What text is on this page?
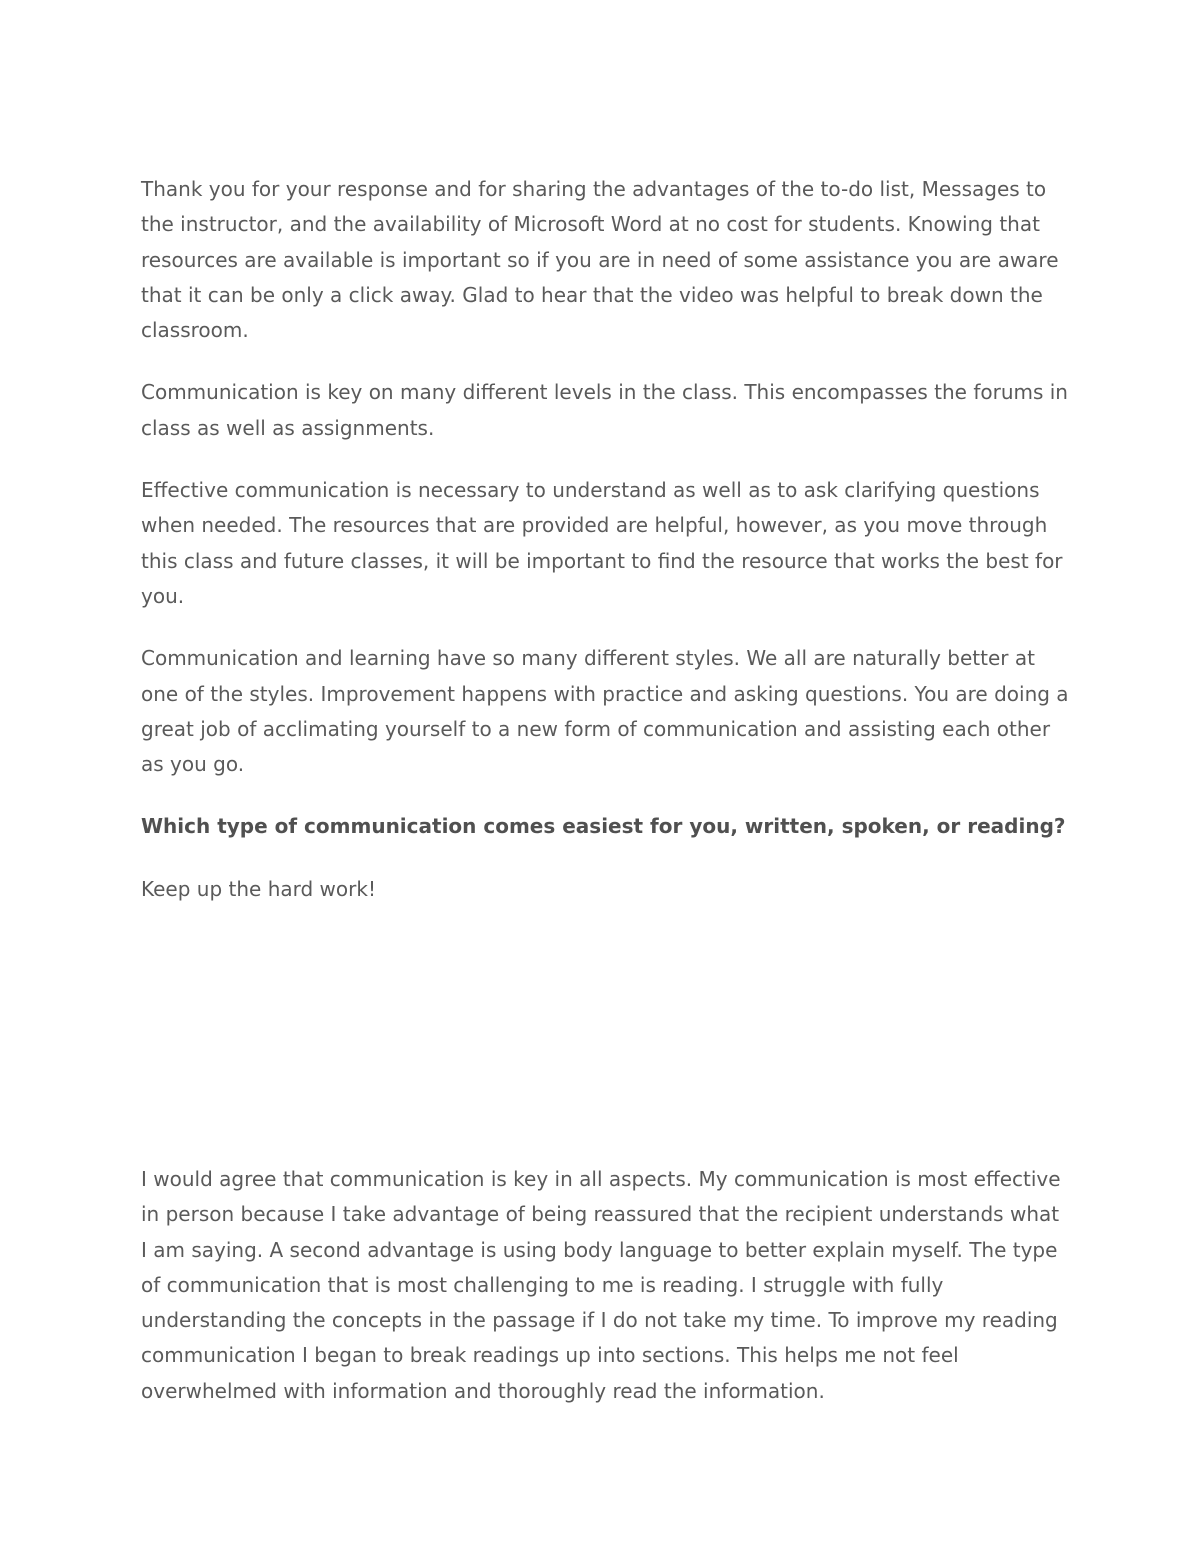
Thank you for your response and for sharing the advantages of the to-do list, Messages to the instructor, and the availability of Microsoft Word at no cost for students. Knowing that resources are available is important so if you are in need of some assistance you are aware that it can be only a click away. Glad to hear that the video was helpful to break down the classroom.

Communication is key on many different levels in the class. This encompasses the forums in class as well as assignments.

Effective communication is necessary to understand as well as to ask clarifying questions when needed. The resources that are provided are helpful, however, as you move through this class and future classes, it will be important to find the resource that works the best for you.

Communication and learning have so many different styles. We all are naturally better at one of the styles. Improvement happens with practice and asking questions. You are doing a great job of acclimating yourself to a new form of communication and assisting each other as you go.

Which type of communication comes easiest for you, written, spoken, or reading?

Keep up the hard work!

I would agree that communication is key in all aspects. My communication is most effective in person because I take advantage of being reassured that the recipient understands what I am saying. A second advantage is using body language to better explain myself. The type of communication that is most challenging to me is reading. I struggle with fully understanding the concepts in the passage if I do not take my time. To improve my reading communication I began to break readings up into sections. This helps me not feel overwhelmed with information and thoroughly read the information.
